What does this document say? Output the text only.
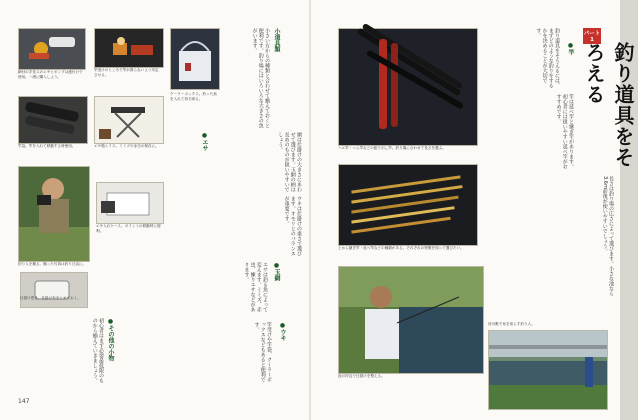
網付の手長スのエサとポンプは連付けで使用。一緒に購入しよう。
竿受けのところで竿が滑らないよう安定させる。
小道具類
小さい方からの種類と合わせて揃えておくと便利です。釣り場にはいろいろな大きさの魚がいます。
竿袋。竿を入れて移動する時使用。	エサ箱とイス。ミミズや赤虫の保存に。
クーラーボックス。釣った魚を入れて持ち帰る。
網は仕掛けの大きさにあわせて選びます。玉網の柄は長めのものが扱いやすいでしょう。
●エサ
釣り人を撮る。撮った写真は釣り日誌に。
エサ入れケース。ポイントの移動時に便利。
仕掛け巻き。仕掛けをまとめておく。
ウキは仕掛けの重さで選びます。オモリとのバランスが重要です。
●玉網
エサは釣る魚によって変えます。ミミズ、赤虫、練りエサなどがあります。
●ウキ
竿受けや竿袋、クーラーボックスなどもあると便利です。
●その他の小物
初心者はまず必要最低限のものから揃えていきましょう。
147
ハエ竿・へら竿などの振り出し竿。釣り場に合わせて長さを選ぶ。
パート1
釣り道具をそろえる
●竿
釣り道具をそろえるには、まずどのような釣りをするかを決めることが大切です。
竿は延べ竿と継ぎ竿があります。初心者には扱いやすい延べ竿がおすすめです。
上から継ぎ竿・延べ竿などの種類がある。それぞれの特徴を知って選びたい。	長さは釣り場の広さによって選びます。小さな池なら3.6m前後が使いやすいでしょう。
池の岸辺で仕掛けを整える。
河川敷で糸を垂らす釣り人。
